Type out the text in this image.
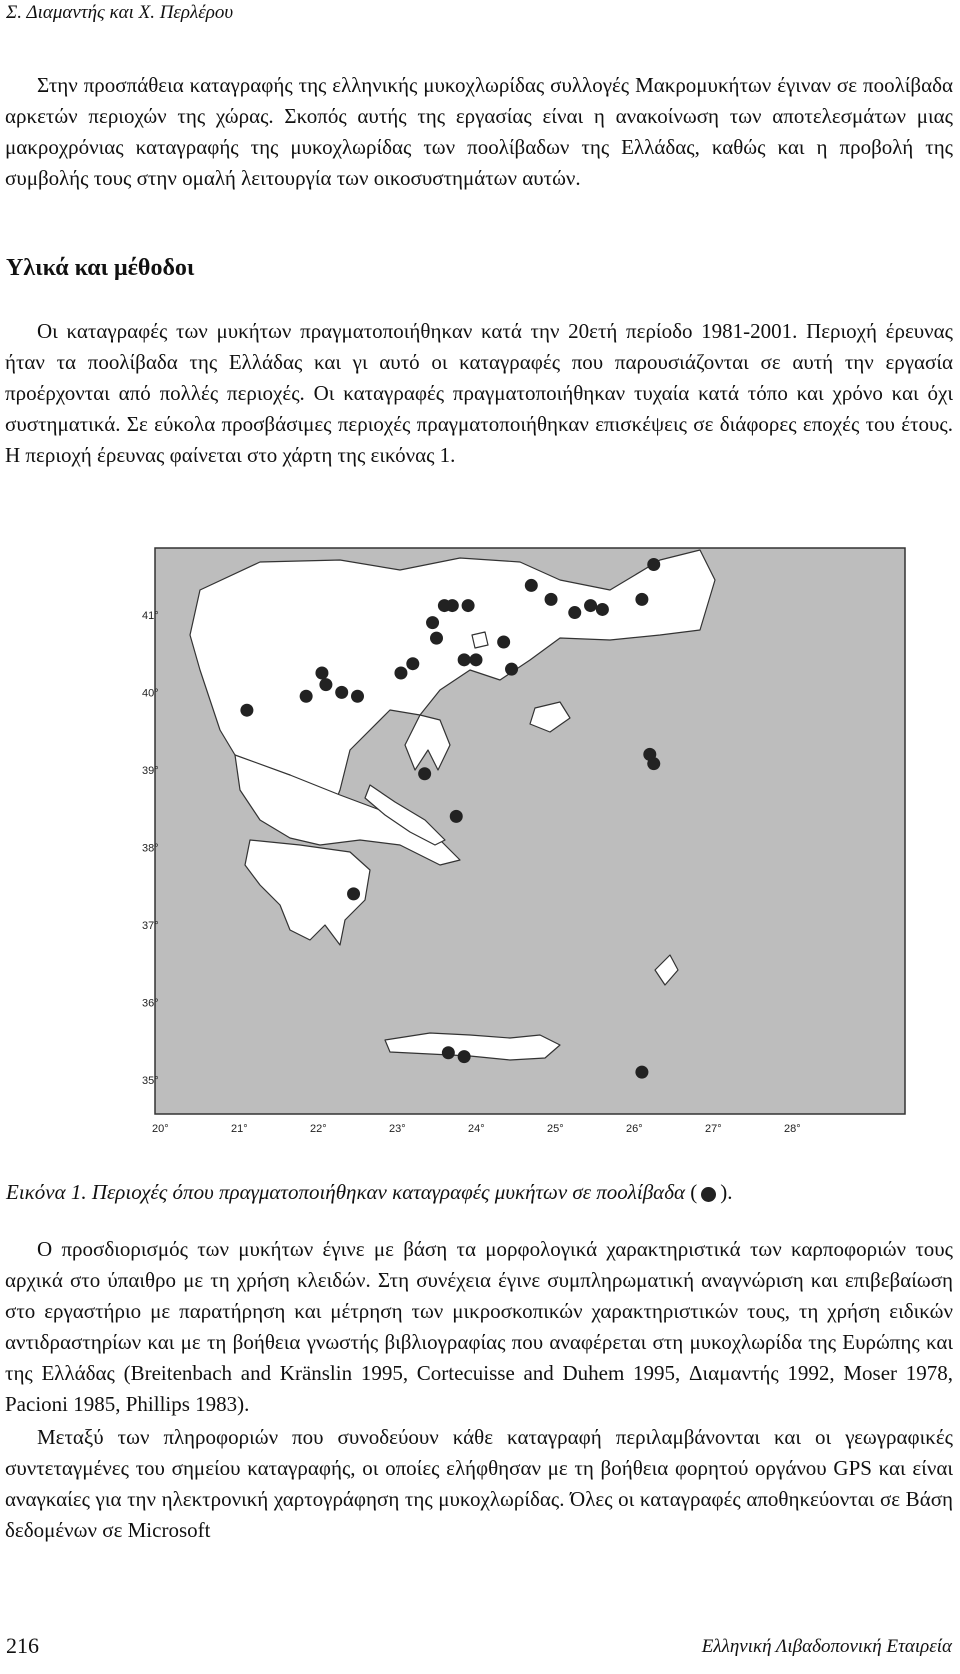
Σ. Διαμαντής και Χ. Περλέρου

Στην προσπάθεια καταγραφής της ελληνικής μυκοχλωρίδας συλλογές Μακρομυκήτων έγιναν σε ποολίβαδα αρκετών περιοχών της χώρας. Σκοπός αυτής της εργασίας είναι η ανακοίνωση των αποτελεσμάτων μιας μακροχρόνιας καταγραφής της μυκοχλωρίδας των ποολίβαδων της Ελλάδας, καθώς και η προβολή της συμβολής τους στην ομαλή λειτουργία των οικοσυστημάτων αυτών.

Υλικά και μέθοδοι

Οι καταγραφές των μυκήτων πραγματοποιήθηκαν κατά την 20ετή περίοδο 1981-2001. Περιοχή έρευνας ήταν τα ποολίβαδα της Ελλάδας και γι αυτό οι καταγραφές που παρουσιάζονται σε αυτή την εργασία προέρχονται από πολλές περιοχές. Οι καταγραφές πραγματοποιήθηκαν τυχαία κατά τόπο και χρόνο και όχι συστηματικά. Σε εύκολα προσβάσιμες περιοχές πραγματοποιήθηκαν επισκέψεις σε διάφορες εποχές του έτους. Η περιοχή έρευνας φαίνεται στο χάρτη της εικόνας 1.

41°
40°
39°
38°
37°
36°
35°
20°	21°	22°	23°	24°	25°	26°	27°	28°
Εικόνα 1. Περιοχές όπου πραγματοποιήθηκαν καταγραφές μυκήτων σε ποολίβαδα ( ).

Ο προσδιορισμός των μυκήτων έγινε με βάση τα μορφολογικά χαρακτηριστικά των καρποφοριών τους αρχικά στο ύπαιθρο με τη χρήση κλειδών. Στη συνέχεια έγινε συμπληρωματική αναγνώριση και επιβεβαίωση στο εργαστήριο με παρατήρηση και μέτρηση των μικροσκοπικών χαρακτηριστικών τους, τη χρήση ειδικών αντιδραστηρίων και με τη βοήθεια γνωστής βιβλιογραφίας που αναφέρεται στη μυκοχλωρίδα της Ευρώπης και της Ελλάδας (Breitenbach and Kränslin 1995, Cortecuisse and Duhem 1995, Διαμαντής 1992, Moser 1978, Pacioni 1985, Phillips 1983).

Μεταξύ των πληροφοριών που συνοδεύουν κάθε καταγραφή περιλαμβάνονται και οι γεωγραφικές συντεταγμένες του σημείου καταγραφής, οι οποίες ελήφθησαν με τη βοήθεια φορητού οργάνου GPS και είναι αναγκαίες για την ηλεκτρονική χαρτογράφηση της μυκοχλωρίδας. Όλες οι καταγραφές αποθηκεύονται σε Βάση δεδομένων σε Microsoft

216	Ελληνική Λιβαδοπονική Εταιρεία
